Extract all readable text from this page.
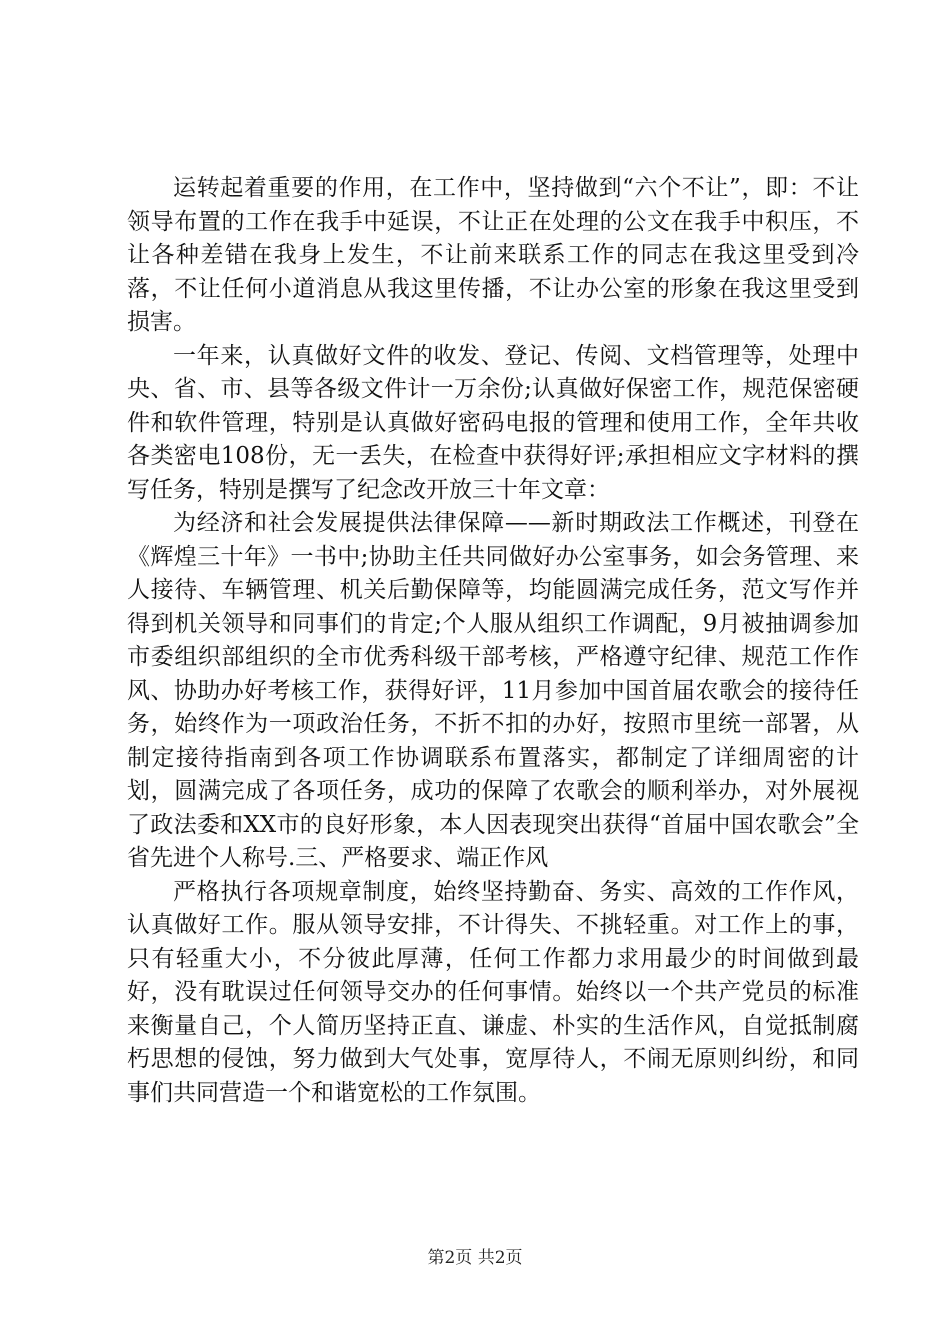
运转起着重要的作用，在工作中，坚持做到“六个不让”，即：不让领导布置的工作在我手中延误，不让正在处理的公文在我手中积压，不让各种差错在我身上发生，不让前来联系工作的同志在我这里受到冷落，不让任何小道消息从我这里传播，不让办公室的形象在我这里受到损害。

一年来，认真做好文件的收发、登记、传阅、文档管理等，处理中央、省、市、县等各级文件计一万余份;认真做好保密工作，规范保密硬件和软件管理，特别是认真做好密码电报的管理和使用工作，全年共收各类密电108份，无一丢失，在检查中获得好评;承担相应文字材料的撰写任务，特别是撰写了纪念改开放三十年文章：

为经济和社会发展提供法律保障——新时期政法工作概述，刊登在《辉煌三十年》一书中;协助主任共同做好办公室事务，如会务管理、来人接待、车辆管理、机关后勤保障等，均能圆满完成任务，范文写作并得到机关领导和同事们的肯定;个人服从组织工作调配，9月被抽调参加市委组织部组织的全市优秀科级干部考核，严格遵守纪律、规范工作作风、协助办好考核工作，获得好评，11月参加中国首届农歌会的接待任务，始终作为一项政治任务，不折不扣的办好，按照市里统一部署，从制定接待指南到各项工作协调联系布置落实，都制定了详细周密的计划，圆满完成了各项任务，成功的保障了农歌会的顺利举办，对外展视了政法委和XX市的良好形象，本人因表现突出获得“首届中国农歌会”全省先进个人称号.三、严格要求、端正作风

严格执行各项规章制度，始终坚持勤奋、务实、高效的工作作风，认真做好工作。服从领导安排，不计得失、不挑轻重。对工作上的事，只有轻重大小，不分彼此厚薄，任何工作都力求用最少的时间做到最好，没有耽误过任何领导交办的任何事情。始终以一个共产党员的标准来衡量自己，个人简历坚持正直、谦虚、朴实的生活作风，自觉抵制腐朽思想的侵蚀，努力做到大气处事，宽厚待人，不闹无原则纠纷，和同事们共同营造一个和谐宽松的工作氛围。

第2页 共2页
